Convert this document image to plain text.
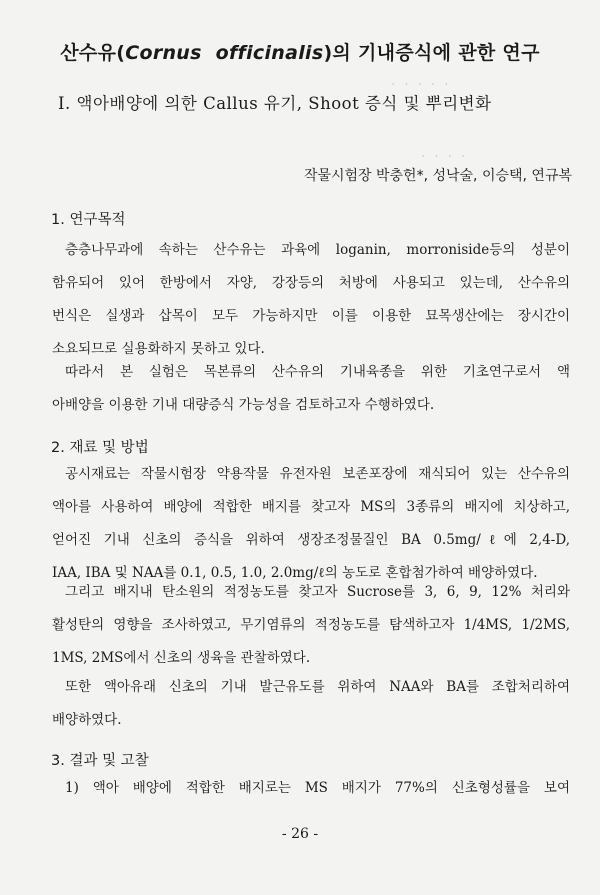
· · · · ·
· · · ·
산수유(Cornus officinalis)의 기내증식에 관한 연구
Ⅰ. 액아배양에 의한 Callus 유기, Shoot 증식 및 뿌리변화
작물시험장 박충헌*, 성낙술, 이승택, 연규복
1. 연구목적
층층나무과에 속하는 산수유는 과육에 loganin, morroniside등의 성분이
함유되어 있어 한방에서 자양, 강장등의 처방에 사용되고 있는데, 산수유의
번식은 실생과 삽목이 모두 가능하지만 이를 이용한 묘목생산에는 장시간이
소요되므로 실용화하지 못하고 있다.
따라서 본 실험은 목본류의 산수유의 기내육종을 위한 기초연구로서 액
아배양을 이용한 기내 대량증식 가능성을 검토하고자 수행하였다.
2. 재료 및 방법
공시재료는 작물시험장 약용작물 유전자원 보존포장에 재식되어 있는 산수유의
액아를 사용하여 배양에 적합한 배지를 찾고자 MS의 3종류의 배지에 치상하고,
얻어진 기내 신초의 증식을 위하여 생장조정물질인 BA 0.5mg/ℓ에 2,4-D,
IAA, IBA 및 NAA를 0.1, 0.5, 1.0, 2.0mg/ℓ의 농도로 혼합첨가하여 배양하였다.
그리고 배지내 탄소원의 적정농도를 찾고자 Sucrose를 3, 6, 9, 12% 처리와
활성탄의 영향을 조사하였고, 무기염류의 적정농도를 탐색하고자 1/4MS, 1/2MS,
1MS, 2MS에서 신초의 생육을 관찰하였다.
또한 액아유래 신초의 기내 발근유도를 위하여 NAA와 BA를 조합처리하여
배양하였다.
3. 결과 및 고찰
1) 액아 배양에 적합한 배지로는 MS 배지가 77%의 신초형성률을 보여
- 26 -
